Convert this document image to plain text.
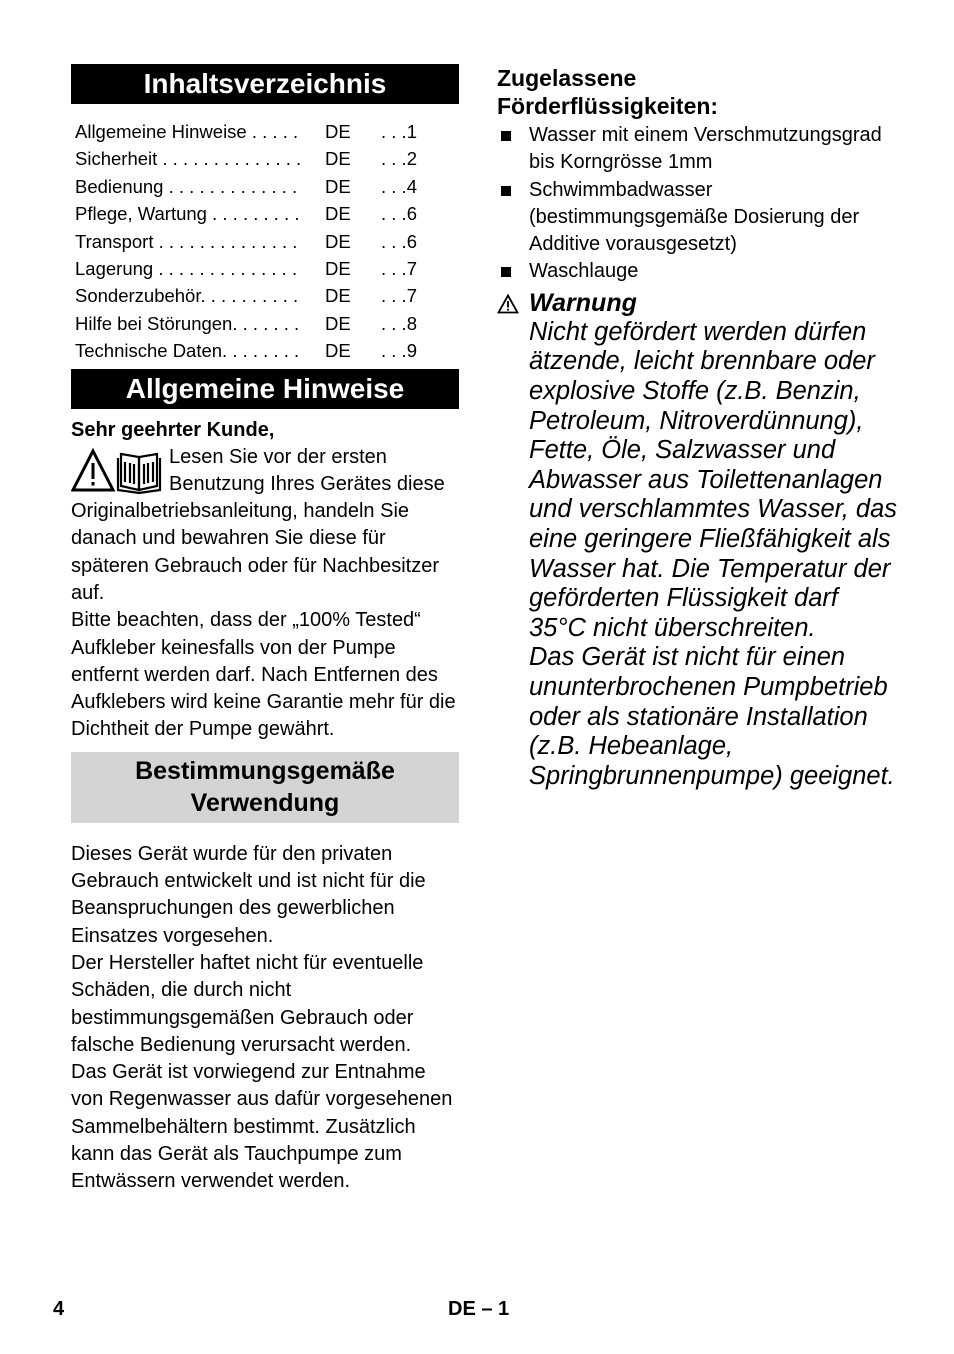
Inhaltsverzeichnis
Allgemeine Hinweise . . . . .	DE	. . .1
Sicherheit . . . . . . . . . . . . . .	DE	. . .2
Bedienung . . . . . . . . . . . . .	DE	. . .4
Pflege, Wartung . . . . . . . . .	DE	. . .6
Transport . . . . . . . . . . . . . .	DE	. . .6
Lagerung . . . . . . . . . . . . . .	DE	. . .7
Sonderzubehör. . . . . . . . . .	DE	. . .7
Hilfe bei Störungen. . . . . . .	DE	. . .8
Technische Daten. . . . . . . .	DE	. . .9
Allgemeine Hinweise

Sehr geehrter Kunde,

Lesen Sie vor der ersten Benutzung Ihres Gerätes diese Originalbetriebsanleitung, handeln Sie danach und bewahren Sie diese für späteren Gebrauch oder für Nachbesitzer auf.

Bitte beachten, dass der „100% Tested“ Aufkleber keinesfalls von der Pumpe entfernt werden darf. Nach Entfernen des Aufklebers wird keine Garantie mehr für die Dichtheit der Pumpe gewährt.

Bestimmungsgemäße
Verwendung

Dieses Gerät wurde für den privaten Gebrauch entwickelt und ist nicht für die Beanspruchungen des gewerblichen Einsatzes vorgesehen.

Der Hersteller haftet nicht für eventuelle Schäden, die durch nicht bestimmungsgemäßen Gebrauch oder falsche Bedienung verursacht werden.

Das Gerät ist vorwiegend zur Entnahme von Regenwasser aus dafür vorgesehenen Sammelbehältern bestimmt. Zusätzlich kann das Gerät als Tauchpumpe zum Entwässern verwendet werden.

Zugelassene
Förderflüssigkeiten:
Wasser mit einem Verschmutzungsgrad bis Korngrösse 1mm
Schwimmbadwasser (bestimmungsgemäße Dosierung der Additive vorausgesetzt)
Waschlauge
Warnung

Nicht gefördert werden dürfen ätzende, leicht brennbare oder explosive Stoffe (z.B. Benzin, Petroleum, Nitroverdünnung), Fette, Öle, Salzwasser und Abwasser aus Toilettenanlagen und verschlammtes Wasser, das eine geringere Fließfähigkeit als Wasser hat. Die Temperatur der geförderten Flüssigkeit darf 35°C nicht überschreiten.

Das Gerät ist nicht für einen ununterbrochenen Pumpbetrieb oder als stationäre Installation (z.B. Hebeanlage, Springbrunnenpumpe) geeignet.

4	DE – 1
